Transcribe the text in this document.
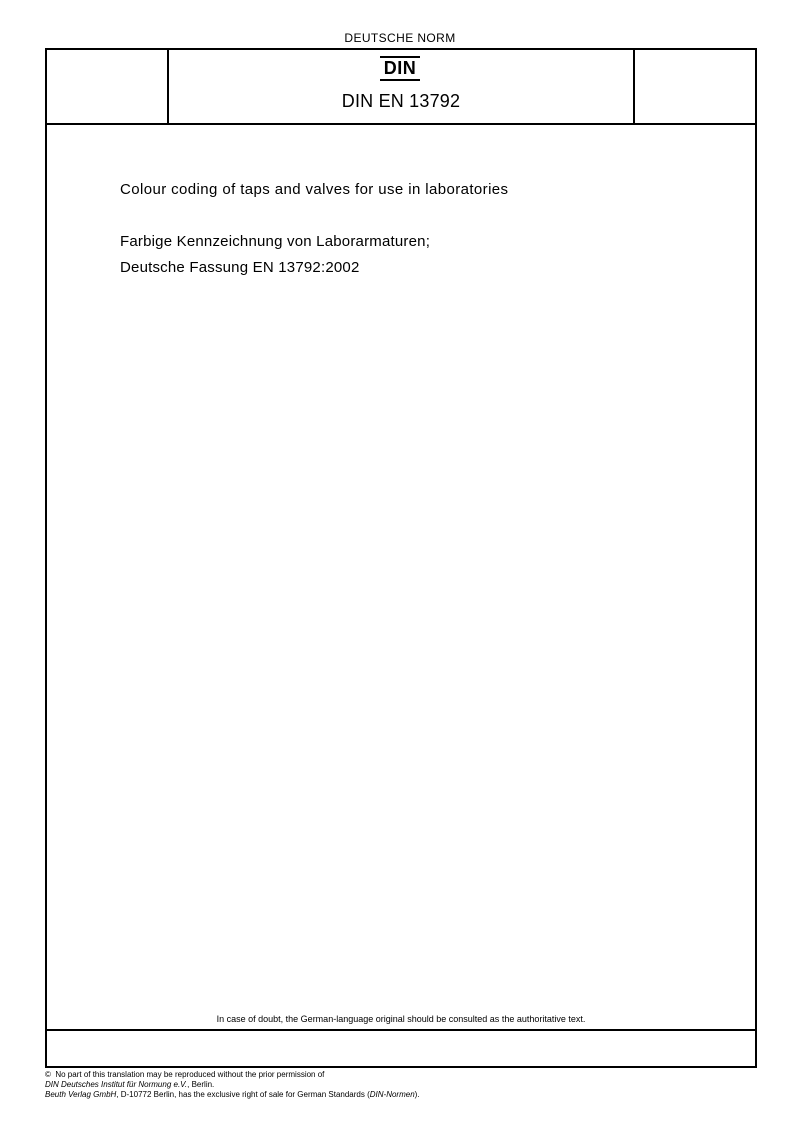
DEUTSCHE NORM
DIN
DIN EN 13792
Colour coding of taps and valves for use in laboratories
Farbige Kennzeichnung von Laborarmaturen;
Deutsche Fassung EN 13792:2002
In case of doubt, the German-language original should be consulted as the authoritative text.
© No part of this translation may be reproduced without the prior permission of
DIN Deutsches Institut für Normung e.V., Berlin.
Beuth Verlag GmbH, D-10772 Berlin, has the exclusive right of sale for German Standards (DIN-Normen).
